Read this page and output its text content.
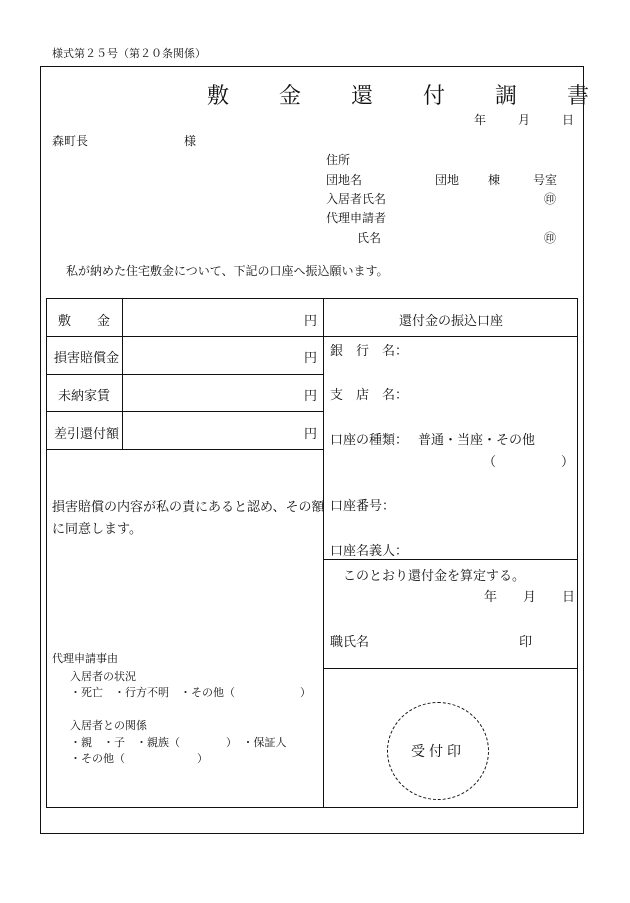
様式第２５号（第２０条関係）
敷　金　還　付　調　書
年	月	日
森町長	様
住所
団地名	団地 棟	号室
入居者氏名	㊞
代理申請者
氏名	㊞
私が納めた住宅敷金について、下記の口座へ振込願います。
敷　　金	円
損害賠償金	円
未納家賃	円
差引還付額	円
損害賠償の内容が私の責にあると認め、その額
に同意します。
代理申請事由
入居者の状況
・死亡　・行方不明　・その他（	）
入居者との関係
・親　・子　・親族（	）　・保証人
・その他（	）
還付金の振込口座
銀　行　名：
支　店　名：
口座の種類： 普通・当座・その他
（　　　　　）
口座番号：
口座名義人：
このとおり還付金を算定する。
年 月 日
職氏名	印
受付印
